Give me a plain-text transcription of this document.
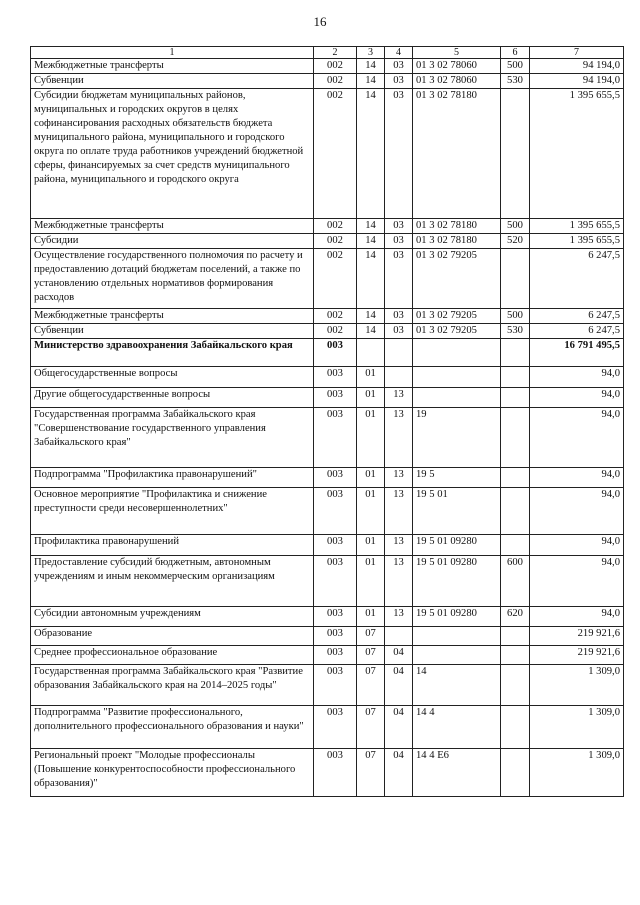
16
1	2	3	4	5	6	7
Межбюджетные трансферты	002	14	03	01 3 02 78060	500	94 194,0
Субвенции	002	14	03	01 3 02 78060	530	94 194,0
Субсидии бюджетам муниципальных районов, муниципальных и городских округов в целях софинансирования расходных обязательств бюджета муниципального района, муниципального и городского округа по оплате труда работников учреждений бюджетной сферы, финансируемых за счет средств муниципального района, муниципального и городского округа	002	14	03	01 3 02 78180		1 395 655,5
Межбюджетные трансферты	002	14	03	01 3 02 78180	500	1 395 655,5
Субсидии	002	14	03	01 3 02 78180	520	1 395 655,5
Осуществление государственного полномочия по расчету и предоставлению дотаций бюджетам поселений, а также по установлению отдельных нормативов формирования расходов	002	14	03	01 3 02 79205		6 247,5
Межбюджетные трансферты	002	14	03	01 3 02 79205	500	6 247,5
Субвенции	002	14	03	01 3 02 79205	530	6 247,5
Министерство здравоохранения Забайкальского края	003					16 791 495,5
Общегосударственные вопросы	003	01				94,0
Другие общегосударственные вопросы	003	01	13			94,0
Государственная программа Забайкальского края "Совершенствование государственного управления Забайкальского края"	003	01	13	19		94,0
Подпрограмма "Профилактика правонарушений"	003	01	13	19 5		94,0
Основное мероприятие "Профилактика и снижение преступности среди несовершеннолетних"	003	01	13	19 5 01		94,0
Профилактика правонарушений	003	01	13	19 5 01 09280		94,0
Предоставление субсидий бюджетным, автономным учреждениям и иным некоммерческим организациям	003	01	13	19 5 01 09280	600	94,0
Субсидии автономным учреждениям	003	01	13	19 5 01 09280	620	94,0
Образование	003	07				219 921,6
Среднее профессиональное образование	003	07	04			219 921,6
Государственная программа Забайкальского края "Развитие образования Забайкальского края на 2014–2025 годы"	003	07	04	14		1 309,0
Подпрограмма "Развитие профессионального, дополнительного профессионального образования и науки"	003	07	04	14 4		1 309,0
Региональный проект "Молодые профессионалы (Повышение конкурентоспособности профессионального образования)"	003	07	04	14 4 E6		1 309,0
